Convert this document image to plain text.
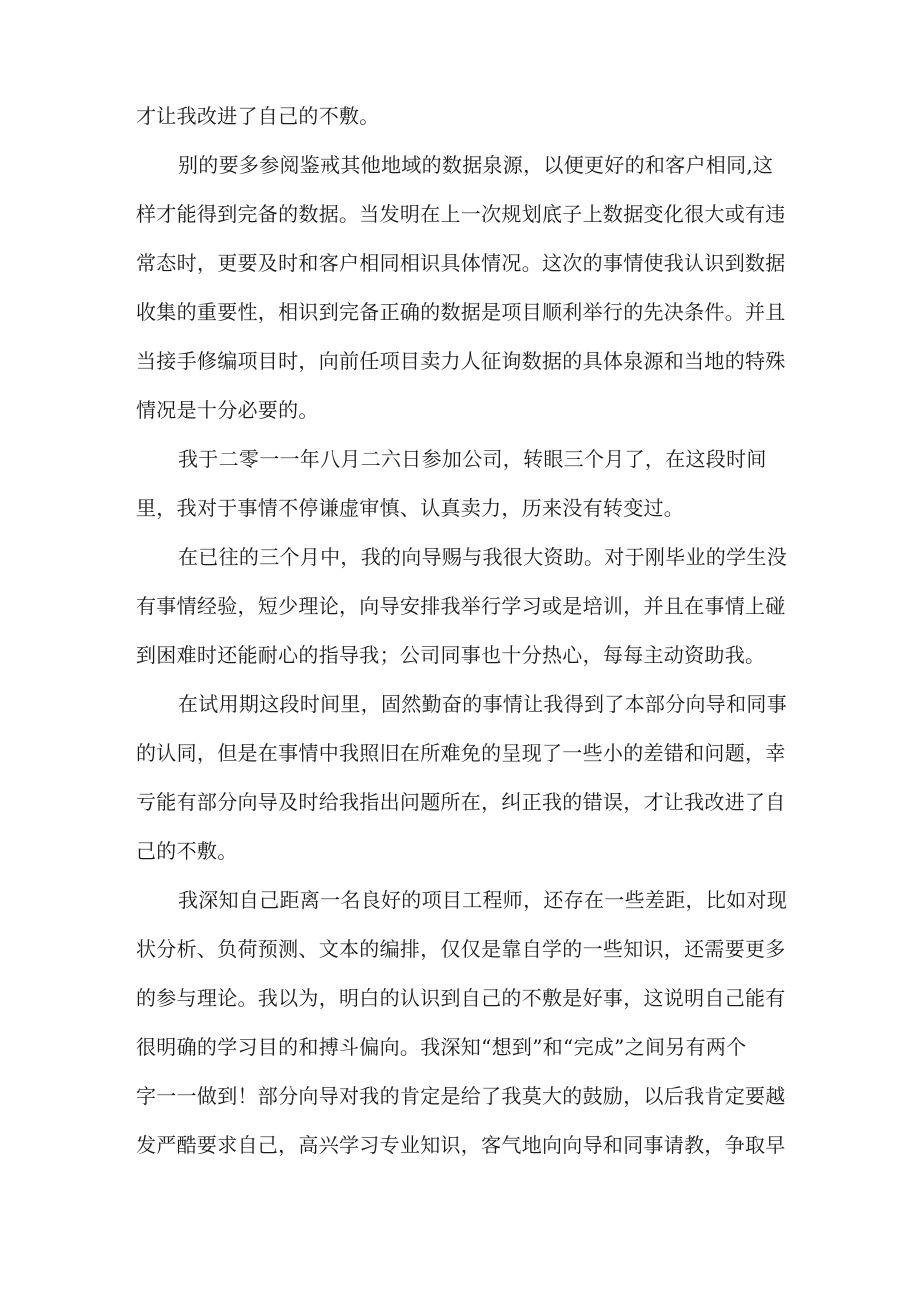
才让我改进了自己的不敷。
别的要多参阅鉴戒其他地域的数据泉源，以便更好的和客户相同,这
样才能得到完备的数据。当发明在上一次规划底子上数据变化很大或有违
常态时，更要及时和客户相同相识具体情况。这次的事情使我认识到数据
收集的重要性，相识到完备正确的数据是项目顺利举行的先决条件。并且
当接手修编项目时，向前任项目卖力人征询数据的具体泉源和当地的特殊
情况是十分必要的。
我于二零一一年八月二六日参加公司，转眼三个月了，在这段时间
里，我对于事情不停谦虚审慎、认真卖力，历来没有转变过。
在已往的三个月中，我的向导赐与我很大资助。对于刚毕业的学生没
有事情经验，短少理论，向导安排我举行学习或是培训，并且在事情上碰
到困难时还能耐心的指导我；公司同事也十分热心，每每主动资助我。
在试用期这段时间里，固然勤奋的事情让我得到了本部分向导和同事
的认同，但是在事情中我照旧在所难免的呈现了一些小的差错和问题，幸
亏能有部分向导及时给我指出问题所在，纠正我的错误，才让我改进了自
己的不敷。
我深知自己距离一名良好的项目工程师，还存在一些差距，比如对现
状分析、负荷预测、文本的编排，仅仅是靠自学的一些知识，还需要更多
的参与理论。我以为，明白的认识到自己的不敷是好事，这说明自己能有
很明确的学习目的和搏斗偏向。我深知“想到”和“完成”之间另有两个
字一一做到！部分向导对我的肯定是给了我莫大的鼓励，以后我肯定要越
发严酷要求自己，高兴学习专业知识，客气地向向导和同事请教，争取早
